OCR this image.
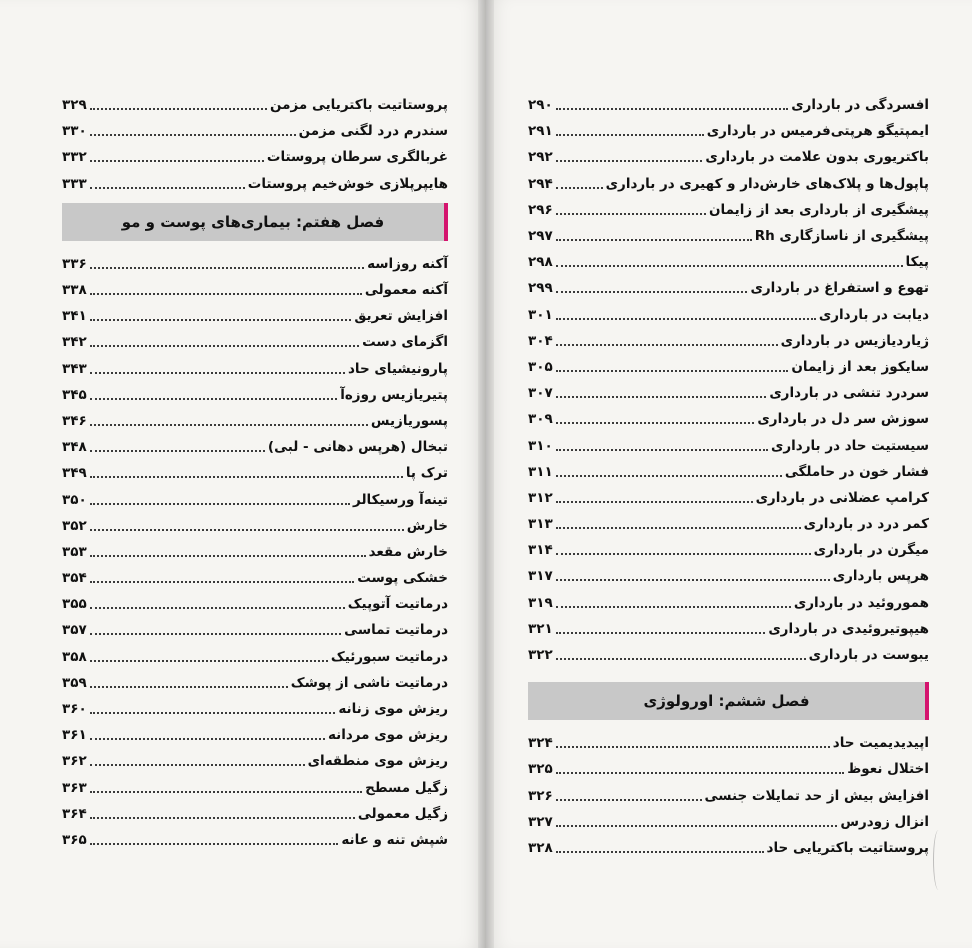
پروستاتیت باکتریایی مزمن
۳۲۹
سندرم درد لگنی مزمن
۳۳۰
غربالگری سرطان پروستات
۳۳۲
هایپرپلازی خوش‌خیم پروستات
۳۳۳
فصل هفتم: بیماری‌های پوست و مو
آکنه روزاسه
۳۳۶
آکنه معمولی
۳۳۸
افزایش تعریق
۳۴۱
اگزمای دست
۳۴۲
پارونیشیای حاد
۳۴۳
پتیریازیس روزه‌آ
۳۴۵
پسوریازیس
۳۴۶
تبخال (هرپس دهانی - لبی)
۳۴۸
ترک پا
۳۴۹
تینه‌آ ورسیکالر
۳۵۰
خارش
۳۵۲
خارش مقعد
۳۵۳
خشکی پوست
۳۵۴
درماتیت آتوپیک
۳۵۵
درماتیت تماسی
۳۵۷
درماتیت سبورئیک
۳۵۸
درماتیت ناشی از پوشک
۳۵۹
ریزش موی زنانه
۳۶۰
ریزش موی مردانه
۳۶۱
ریزش موی منطقه‌ای
۳۶۲
زگیل مسطح
۳۶۳
زگیل معمولی
۳۶۴
شپش تنه و عانه
۳۶۵
افسردگی در بارداری
۲۹۰
ایمپتیگو هرپتی‌فرمیس در بارداری
۲۹۱
باکتریوری بدون علامت در بارداری
۲۹۲
پاپول‌ها و پلاک‌های خارش‌دار و کهیری در بارداری
۲۹۴
پیشگیری از بارداری بعد از زایمان
۲۹۶
پیشگیری از ناسازگاری Rh
۲۹۷
پیکا
۲۹۸
تهوع و استفراغ در بارداری
۲۹۹
دیابت در بارداری
۳۰۱
ژیاردیازیس در بارداری
۳۰۴
سایکوز بعد از زایمان
۳۰۵
سردرد تنشی در بارداری
۳۰۷
سوزش سر دل در بارداری
۳۰۹
سیستیت حاد در بارداری
۳۱۰
فشار خون در حاملگی
۳۱۱
کرامپ عضلانی در بارداری
۳۱۲
کمر درد در بارداری
۳۱۳
میگرن در بارداری
۳۱۴
هرپس بارداری
۳۱۷
هموروئید در بارداری
۳۱۹
هیپوتیروئیدی در بارداری
۳۲۱
یبوست در بارداری
۳۲۲
فصل ششم: اورولوژی
اپیدیدیمیت حاد
۳۲۴
اختلال نعوظ
۳۲۵
افزایش بیش از حد تمایلات جنسی
۳۲۶
انزال زودرس
۳۲۷
پروستاتیت باکتریایی حاد
۳۲۸
